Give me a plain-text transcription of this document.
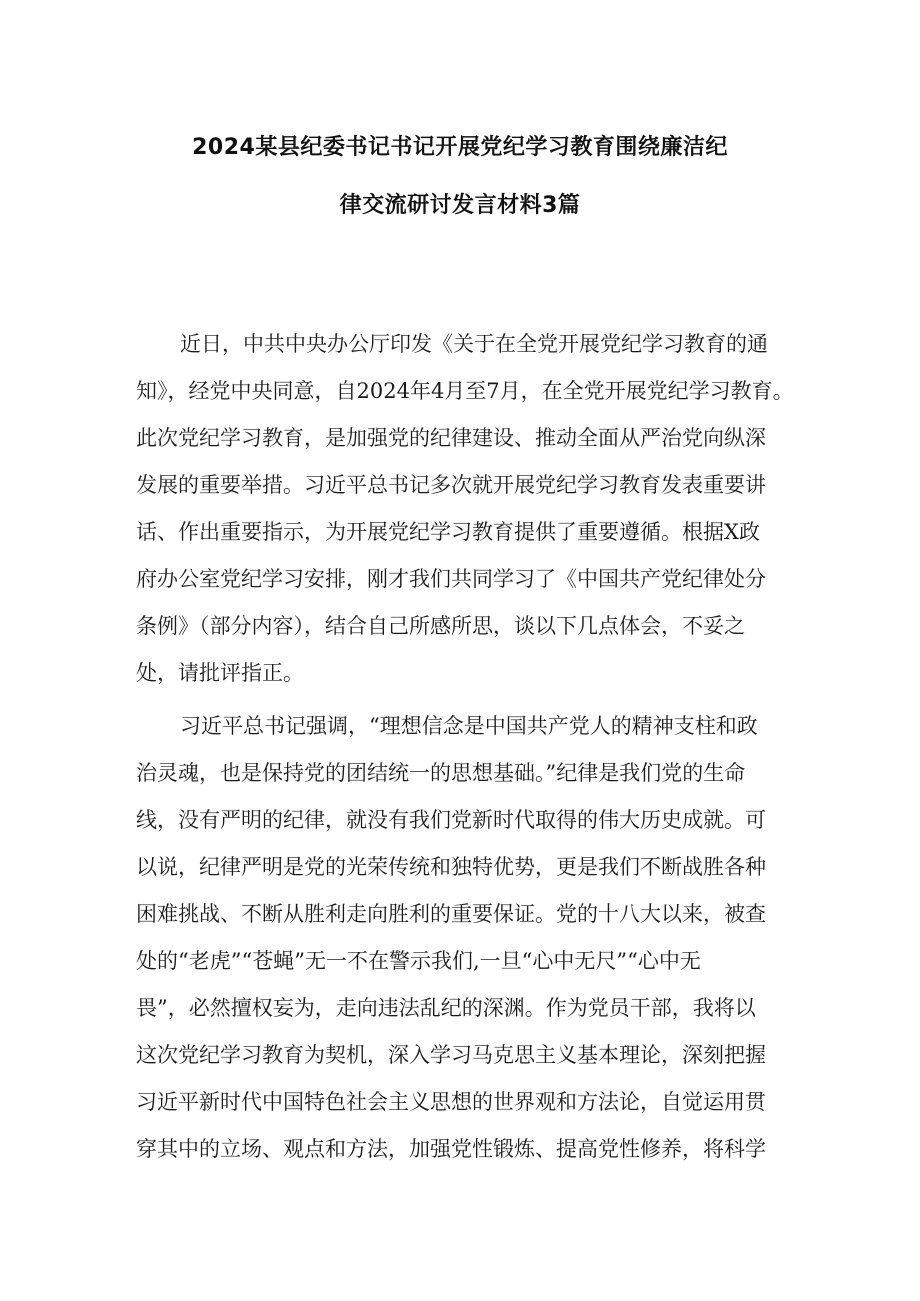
2024某县纪委书记书记开展党纪学习教育围绕廉洁纪
律交流研讨发言材料3篇
近日，中共中央办公厅印发《关于在全党开展党纪学习教育的通
知》，经党中央同意，自2024年4月至7月，在全党开展党纪学习教育。
此次党纪学习教育，是加强党的纪律建设、推动全面从严治党向纵深
发展的重要举措。习近平总书记多次就开展党纪学习教育发表重要讲
话、作出重要指示，为开展党纪学习教育提供了重要遵循。根据X政
府办公室党纪学习安排，刚才我们共同学习了《中国共产党纪律处分
条例》（部分内容），结合自己所感所思，谈以下几点体会，不妥之
处，请批评指正。
习近平总书记强调，“理想信念是中国共产党人的精神支柱和政
治灵魂，也是保持党的团结统一的思想基础。”纪律是我们党的生命
线，没有严明的纪律，就没有我们党新时代取得的伟大历史成就。可
以说，纪律严明是党的光荣传统和独特优势，更是我们不断战胜各种
困难挑战、不断从胜利走向胜利的重要保证。党的十八大以来，被查
处的“老虎”“苍蝇”无一不在警示我们,一旦“心中无尺”“心中无
畏”，必然擅权妄为，走向违法乱纪的深渊。作为党员干部，我将以
这次党纪学习教育为契机，深入学习马克思主义基本理论，深刻把握
习近平新时代中国特色社会主义思想的世界观和方法论，自觉运用贯
穿其中的立场、观点和方法，加强党性锻炼、提高党性修养，将科学
